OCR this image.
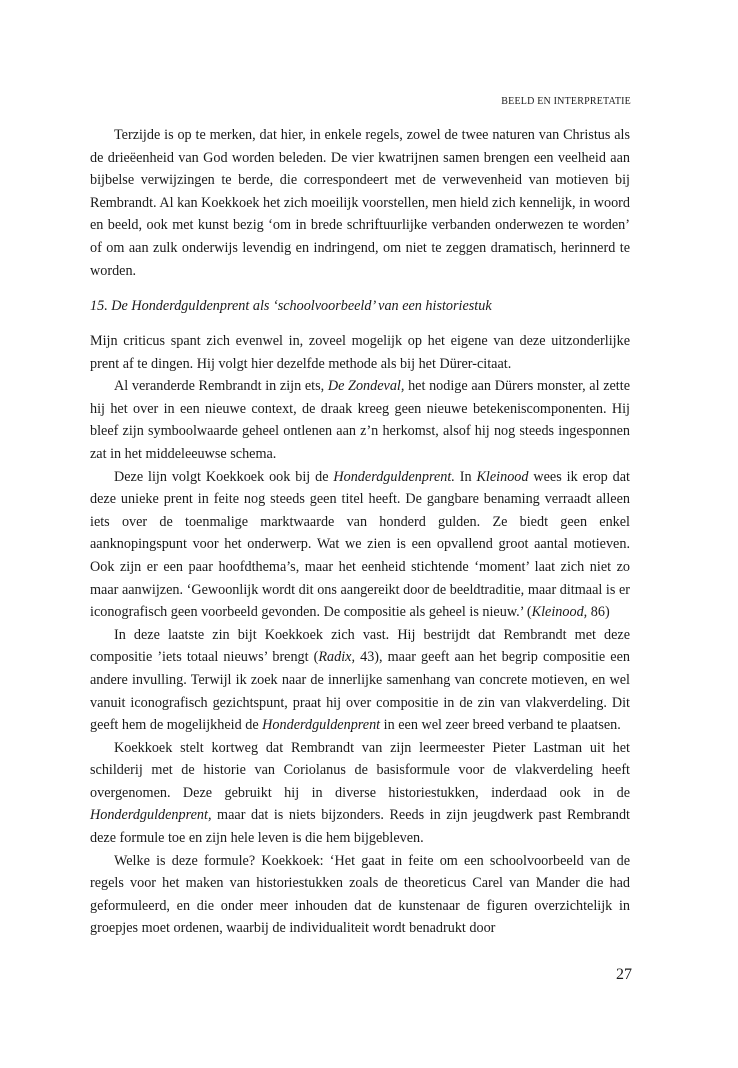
BEELD EN INTERPRETATIE

Terzijde is op te merken, dat hier, in enkele regels, zowel de twee naturen van Christus als de drieëenheid van God worden beleden. De vier kwatrijnen samen brengen een veelheid aan bijbelse verwijzingen te berde, die correspondeert met de verwevenheid van motieven bij Rembrandt. Al kan Koekkoek het zich moeilijk voorstellen, men hield zich kennelijk, in woord en beeld, ook met kunst bezig ‘om in brede schriftuurlijke verbanden onderwezen te worden’ of om aan zulk onderwijs levendig en indringend, om niet te zeggen dramatisch, herinnerd te worden.

15. De Honderdguldenprent als ‘schoolvoorbeeld’ van een historiestuk

Mijn criticus spant zich evenwel in, zoveel mogelijk op het eigene van deze uitzonderlijke prent af te dingen. Hij volgt hier dezelfde methode als bij het Dürer-citaat.

Al veranderde Rembrandt in zijn ets, De Zondeval, het nodige aan Dürers monster, al zette hij het over in een nieuwe context, de draak kreeg geen nieuwe betekeniscomponenten. Hij bleef zijn symboolwaarde geheel ontlenen aan z’n herkomst, alsof hij nog steeds ingesponnen zat in het middeleeuwse schema.

Deze lijn volgt Koekkoek ook bij de Honderdguldenprent. In Kleinood wees ik erop dat deze unieke prent in feite nog steeds geen titel heeft. De gangbare benaming verraadt alleen iets over de toenmalige marktwaarde van honderd gulden. Ze biedt geen enkel aanknopingspunt voor het onderwerp. Wat we zien is een opvallend groot aantal motieven. Ook zijn er een paar hoofdthema’s, maar het eenheid stichtende ‘moment’ laat zich niet zo maar aanwijzen. ‘Gewoonlijk wordt dit ons aangereikt door de beeldtraditie, maar ditmaal is er iconografisch geen voorbeeld gevonden. De compositie als geheel is nieuw.’ (Kleinood, 86)

In deze laatste zin bijt Koekkoek zich vast. Hij bestrijdt dat Rembrandt met deze compositie ’iets totaal nieuws’ brengt (Radix, 43), maar geeft aan het begrip compositie een andere invulling. Terwijl ik zoek naar de innerlijke samenhang van concrete motieven, en wel vanuit iconografisch gezichtspunt, praat hij over compositie in de zin van vlakverdeling. Dit geeft hem de mogelijkheid de Honderdguldenprent in een wel zeer breed verband te plaatsen.

Koekkoek stelt kortweg dat Rembrandt van zijn leermeester Pieter Lastman uit het schilderij met de historie van Coriolanus de basisformule voor de vlakverdeling heeft overgenomen. Deze gebruikt hij in diverse historiestukken, inderdaad ook in de Honderdguldenprent, maar dat is niets bijzonders. Reeds in zijn jeugdwerk past Rembrandt deze formule toe en zijn hele leven is die hem bijgebleven.

Welke is deze formule? Koekkoek: ‘Het gaat in feite om een schoolvoorbeeld van de regels voor het maken van historiestukken zoals de theoreticus Carel van Mander die had geformuleerd, en die onder meer inhouden dat de kunstenaar de figuren overzichtelijk in groepjes moet ordenen, waarbij de individualiteit wordt benadrukt door

27
